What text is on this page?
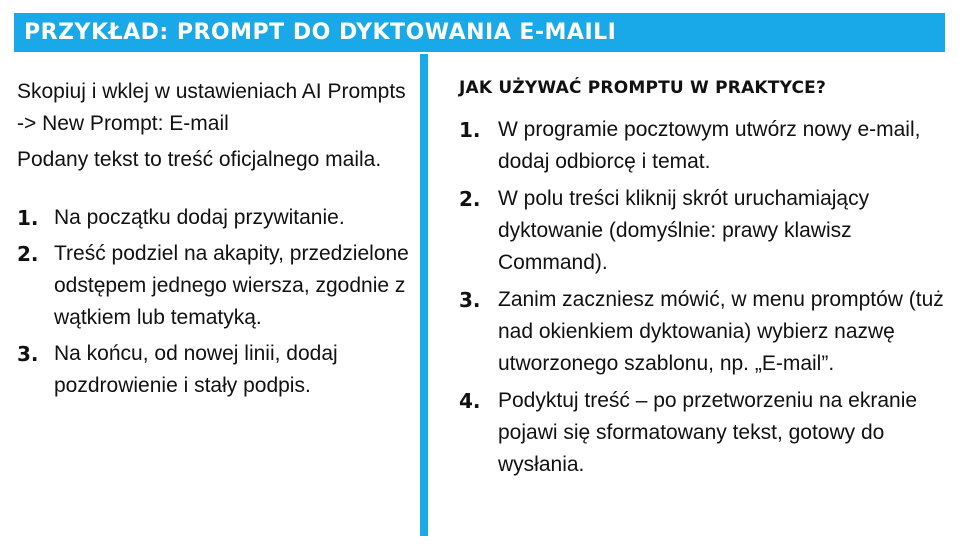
PRZYKŁAD: PROMPT DO DYKTOWANIA E-MAILI

Skopiuj i wklej w ustawieniach AI Prompts -> New Prompt: E-mail

Podany tekst to treść oficjalnego maila.

1. Na początku dodaj przywitanie.
2. Treść podziel na akapity, przedzielone odstępem jednego wiersza, zgodnie z wątkiem lub tematyką.
3. Na końcu, od nowej linii, dodaj pozdrowienie i stały podpis.
JAK UŻYWAĆ PROMPTU W PRAKTYCE?
1. W programie pocztowym utwórz nowy e-mail, dodaj odbiorcę i temat.
2. W polu treści kliknij skrót uruchamiający dyktowanie (domyślnie: prawy klawisz Command).
3. Zanim zaczniesz mówić, w menu promptów (tuż nad okienkiem dyktowania) wybierz nazwę utworzonego szablonu, np. „E-mail”.
4. Podyktuj treść – po przetworzeniu na ekranie pojawi się sformatowany tekst, gotowy do wysłania.
